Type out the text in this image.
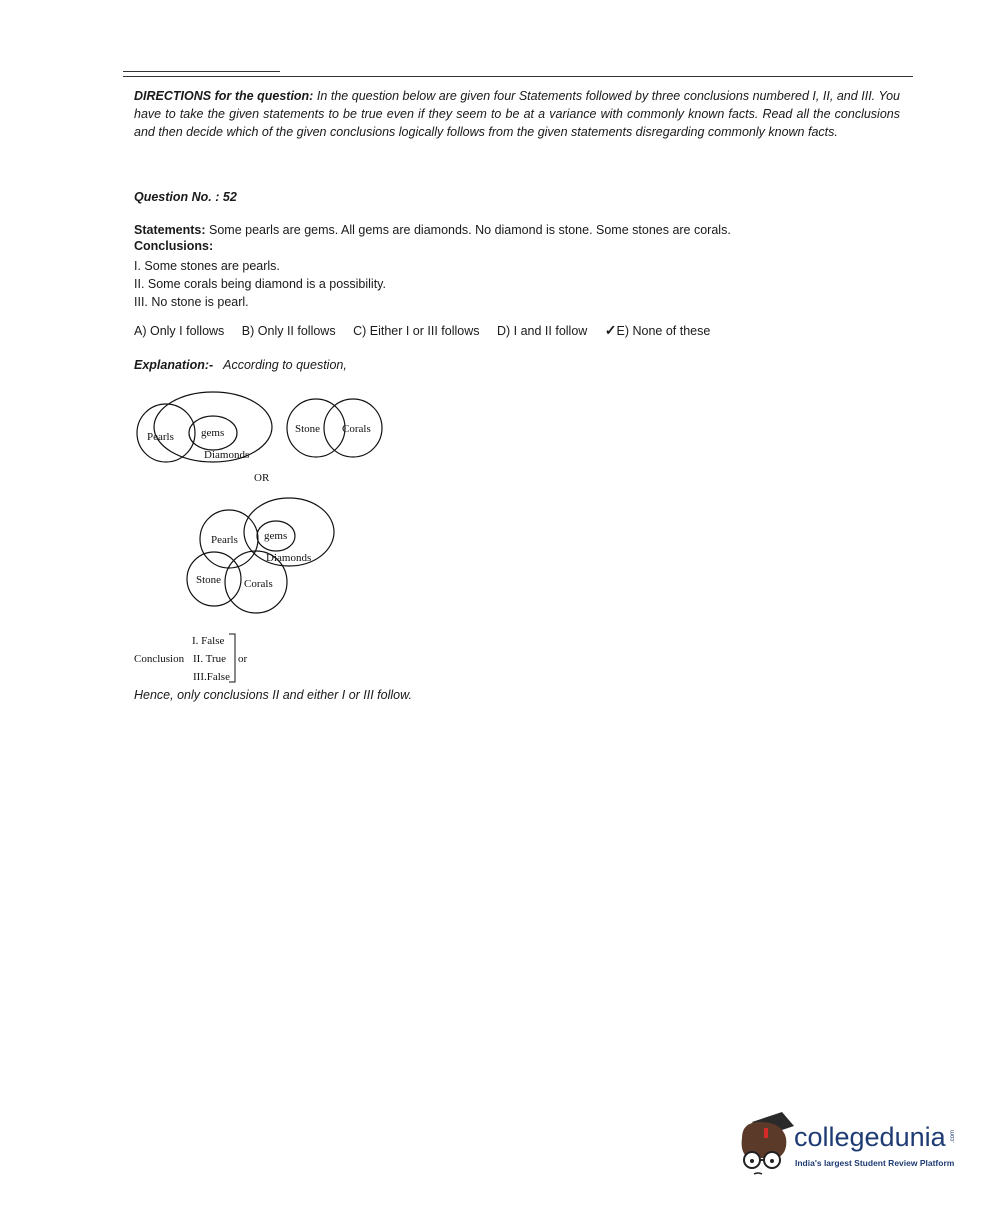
DIRECTIONS for the question: In the question below are given four Statements followed by three conclusions numbered I, II, and III. You have to take the given statements to be true even if they seem to be at a variance with commonly known facts. Read all the conclusions and then decide which of the given conclusions logically follows from the given statements disregarding commonly known facts.
Question No. : 52
Statements: Some pearls are gems. All gems are diamonds. No diamond is stone. Some stones are corals.
Conclusions:
I. Some stones are pearls.
II. Some corals being diamond is a possibility.
III. No stone is pearl.
A) Only I follows B) Only II follows C) Either I or III follows D) I and II follow ✓E) None of these
Explanation:- According to question,
Pearls gems
Diamonds
Stone Corals
OR
Pearls gems
Diamonds
Stone Corals
I. False
Conclusion II. True or
III.False
Hence, only conclusions II and either I or III follow.
collegedunia .com
India's largest Student Review Platform
